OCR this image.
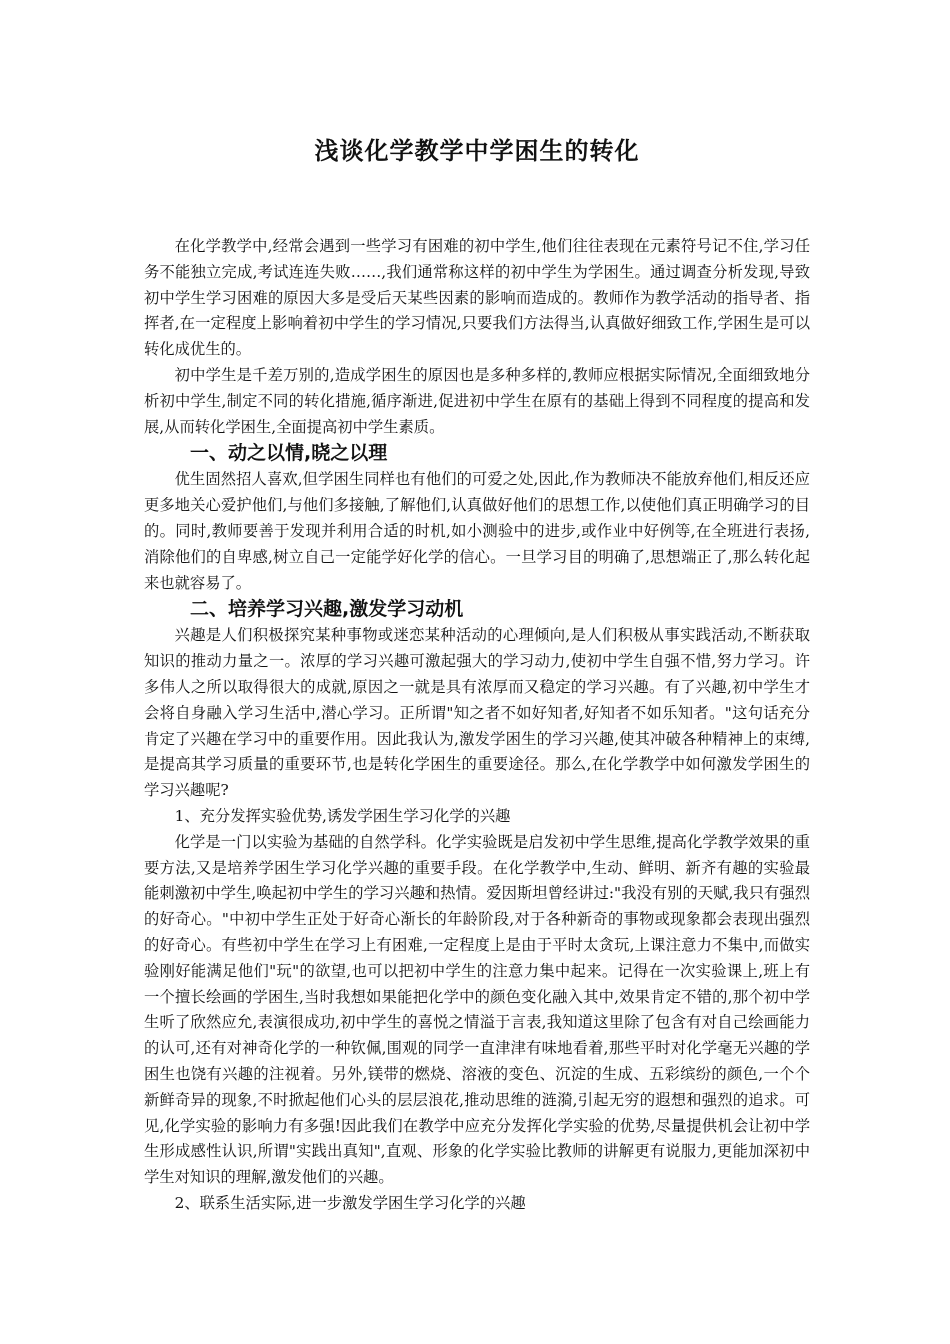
浅谈化学教学中学困生的转化

在化学教学中,经常会遇到一些学习有困难的初中学生,他们往往表现在元素符号记不住,学习任务不能独立完成,考试连连失败……,我们通常称这样的初中学生为学困生。通过调查分析发现,导致初中学生学习困难的原因大多是受后天某些因素的影响而造成的。教师作为教学活动的指导者、指挥者,在一定程度上影响着初中学生的学习情况,只要我们方法得当,认真做好细致工作,学困生是可以转化成优生的。

初中学生是千差万别的,造成学困生的原因也是多种多样的,教师应根据实际情况,全面细致地分析初中学生,制定不同的转化措施,循序渐进,促进初中学生在原有的基础上得到不同程度的提高和发展,从而转化学困生,全面提高初中学生素质。

一、动之以情,晓之以理

优生固然招人喜欢,但学困生同样也有他们的可爱之处,因此,作为教师决不能放弃他们,相反还应更多地关心爱护他们,与他们多接触,了解他们,认真做好他们的思想工作,以使他们真正明确学习的目的。同时,教师要善于发现并利用合适的时机,如小测验中的进步,或作业中好例等,在全班进行表扬,消除他们的自卑感,树立自己一定能学好化学的信心。一旦学习目的明确了,思想端正了,那么转化起来也就容易了。

二、培养学习兴趣,激发学习动机

兴趣是人们积极探究某种事物或迷恋某种活动的心理倾向,是人们积极从事实践活动,不断获取知识的推动力量之一。浓厚的学习兴趣可激起强大的学习动力,使初中学生自强不惜,努力学习。许多伟人之所以取得很大的成就,原因之一就是具有浓厚而又稳定的学习兴趣。有了兴趣,初中学生才会将自身融入学习生活中,潜心学习。正所谓"知之者不如好知者,好知者不如乐知者。"这句话充分肯定了兴趣在学习中的重要作用。因此我认为,激发学困生的学习兴趣,使其冲破各种精神上的束缚,是提高其学习质量的重要环节,也是转化学困生的重要途径。那么,在化学教学中如何激发学困生的学习兴趣呢?

1、充分发挥实验优势,诱发学困生学习化学的兴趣

化学是一门以实验为基础的自然学科。化学实验既是启发初中学生思维,提高化学教学效果的重要方法,又是培养学困生学习化学兴趣的重要手段。在化学教学中,生动、鲜明、新齐有趣的实验最能刺激初中学生,唤起初中学生的学习兴趣和热情。爱因斯坦曾经讲过:"我没有别的天赋,我只有强烈的好奇心。"中初中学生正处于好奇心渐长的年龄阶段,对于各种新奇的事物或现象都会表现出强烈的好奇心。有些初中学生在学习上有困难,一定程度上是由于平时太贪玩,上课注意力不集中,而做实验刚好能满足他们"玩"的欲望,也可以把初中学生的注意力集中起来。记得在一次实验课上,班上有一个擅长绘画的学困生,当时我想如果能把化学中的颜色变化融入其中,效果肯定不错的,那个初中学生听了欣然应允,表演很成功,初中学生的喜悦之情溢于言表,我知道这里除了包含有对自己绘画能力的认可,还有对神奇化学的一种钦佩,围观的同学一直津津有味地看着,那些平时对化学毫无兴趣的学困生也饶有兴趣的注视着。另外,镁带的燃烧、溶液的变色、沉淀的生成、五彩缤纷的颜色,一个个新鲜奇异的现象,不时掀起他们心头的层层浪花,推动思维的涟漪,引起无穷的遐想和强烈的追求。可见,化学实验的影响力有多强!因此我们在教学中应充分发挥化学实验的优势,尽量提供机会让初中学生形成感性认识,所谓"实践出真知",直观、形象的化学实验比教师的讲解更有说服力,更能加深初中学生对知识的理解,激发他们的兴趣。

2、联系生活实际,进一步激发学困生学习化学的兴趣
